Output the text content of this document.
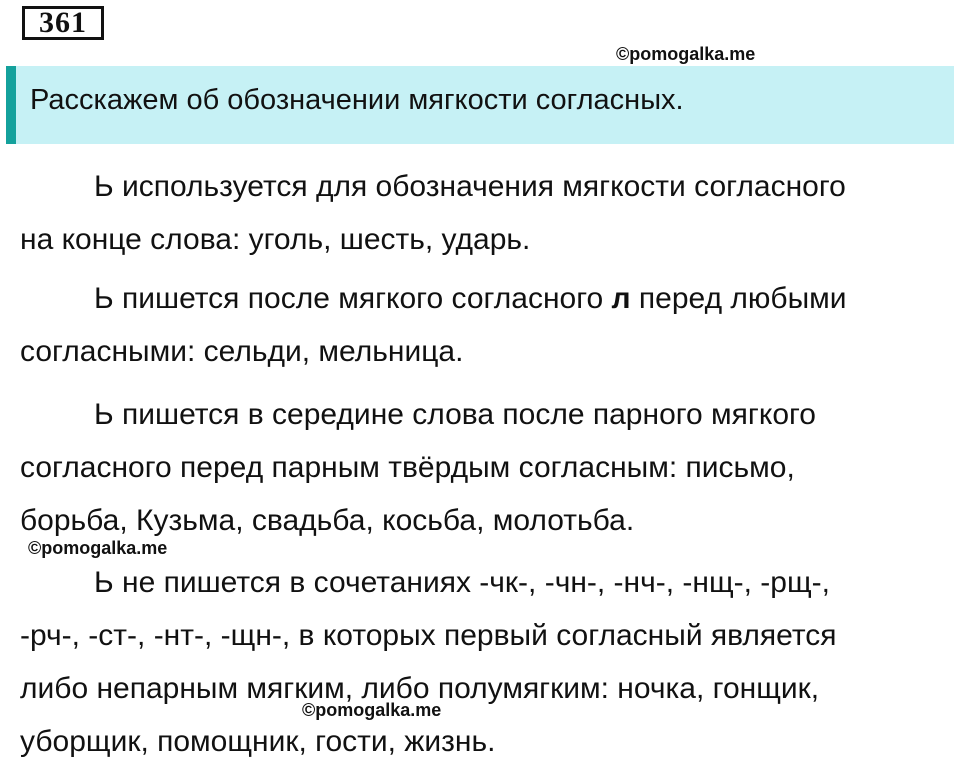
361
©pomogalka.me
Расскажем об обозначении мягкости согласных.
Ь используется для обозначения мягкости согласного
на конце слова: уголь, шесть, ударь.
Ь пишется после мягкого согласного л перед любыми
согласными: сельди, мельница.
Ь пишется в середине слова после парного мягкого
согласного перед парным твёрдым согласным: письмо,
борьба, Кузьма, свадьба, косьба, молотьба.
©pomogalka.me
Ь не пишется в сочетаниях -чк-, -чн-, -нч-, -нщ-, -рщ-,
-рч-, -ст-, -нт-, -щн-, в которых первый согласный является
либо непарным мягким, либо полумягким: ночка, гонщик,
уборщик, помощник, гости, жизнь.
©pomogalka.me
